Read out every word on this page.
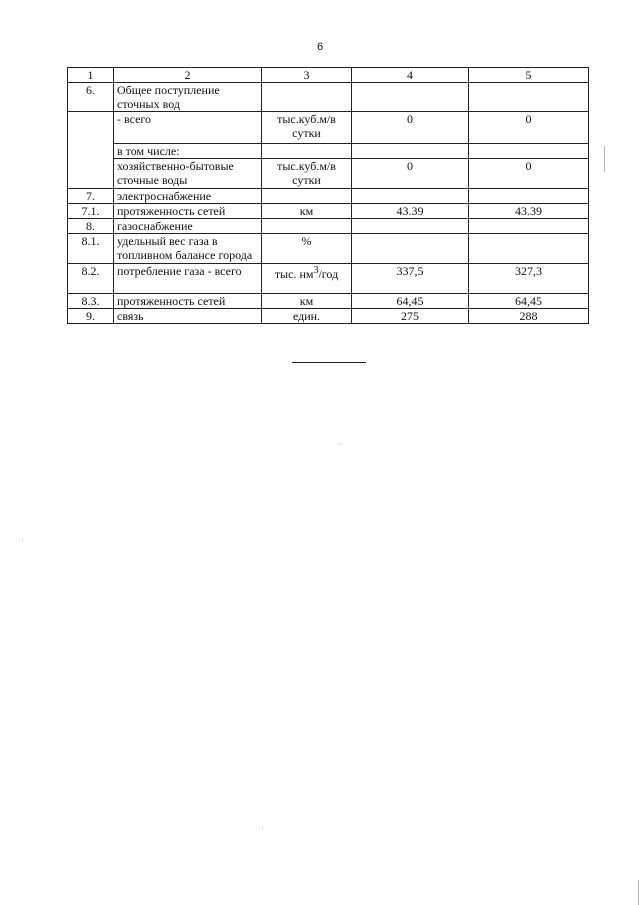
6
1	2	3	4	5
6.	Общее поступление сточных вод			
	- всего	тыс.куб.м/в сутки	0	0
	в том числе:			
	хозяйственно-бытовые сточные воды	тыс.куб.м/в сутки	0	0
7.	электроснабжение			
7.1.	протяженность сетей	км	43.39	43.39
8.	газоснабжение			
8.1.	удельный вес газа в топливном балансе города	%		
8.2.	потребление газа - всего	тыс. $нм^3$/год	337,5	327,3
8.3.	протяженность сетей	км	64,45	64,45
9.	связь	един.	275	288
